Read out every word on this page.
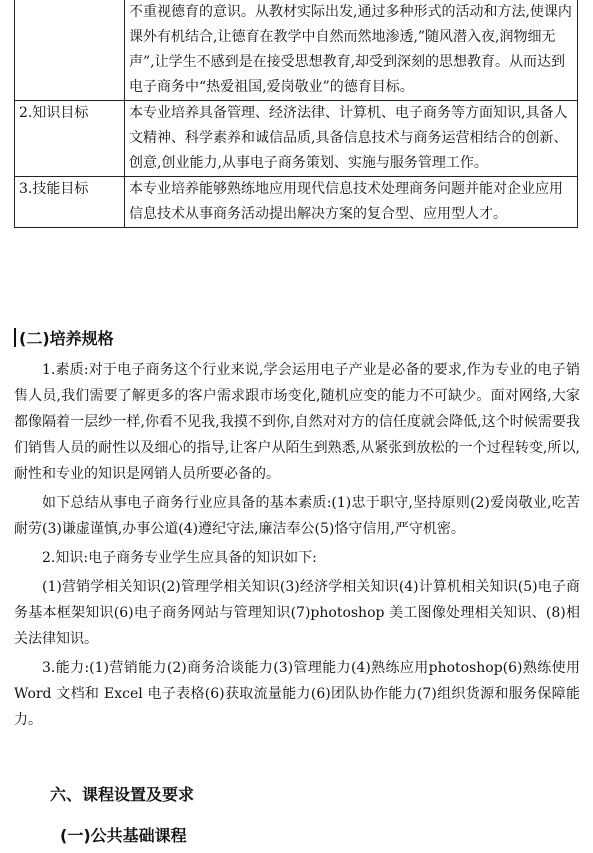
	不重视德育的意识。从教材实际出发,通过多种形式的活动和方法,使课内课外有机结合,让德育在教学中自然而然地渗透,”随风潜入夜,润物细无声”,让学生不感到是在接受思想教育,却受到深刻的思想教育。从而达到电子商务中“热爱祖国,爱岗敬业”的德育目标。
2.知识目标	本专业培养具备管理、经济法律、计算机、电子商务等方面知识,具备人文精神、科学素养和诚信品质,具备信息技术与商务运营相结合的创新、创意,创业能力,从事电子商务策划、实施与服务管理工作。
3.技能目标	本专业培养能够熟练地应用现代信息技术处理商务问题并能对企业应用信息技术从事商务活动提出解决方案的复合型、应用型人才。
(二)培养规格

1.素质:对于电子商务这个行业来说,学会运用电子产业是必备的要求,作为专业的电子销售人员,我们需要了解更多的客户需求跟市场变化,随机应变的能力不可缺少。面对网络,大家都像隔着一层纱一样,你看不见我,我摸不到你,自然对对方的信任度就会降低,这个时候需要我们销售人员的耐性以及细心的指导,让客户从陌生到熟悉,从紧张到放松的一个过程转变,所以,耐性和专业的知识是网销人员所要必备的。

如下总结从事电子商务行业应具备的基本素质:(1)忠于职守,坚持原则(2)爱岗敬业,吃苦耐劳(3)谦虚谨慎,办事公道(4)遵纪守法,廉洁奉公(5)恪守信用,严守机密。

2.知识:电子商务专业学生应具备的知识如下:

(1)营销学相关知识(2)管理学相关知识(3)经济学相关知识(4)计算机相关知识(5)电子商务基本框架知识(6)电子商务网站与管理知识(7)photoshop 美工图像处理相关知识、(8)相关法律知识。

3.能力:(1)营销能力(2)商务洽谈能力(3)管理能力(4)熟练应用photoshop(6)熟练使用 Word 文档和 Excel 电子表格(6)获取流量能力(6)团队协作能力(7)组织货源和服务保障能力。

六、课程设置及要求
(一)公共基础课程
